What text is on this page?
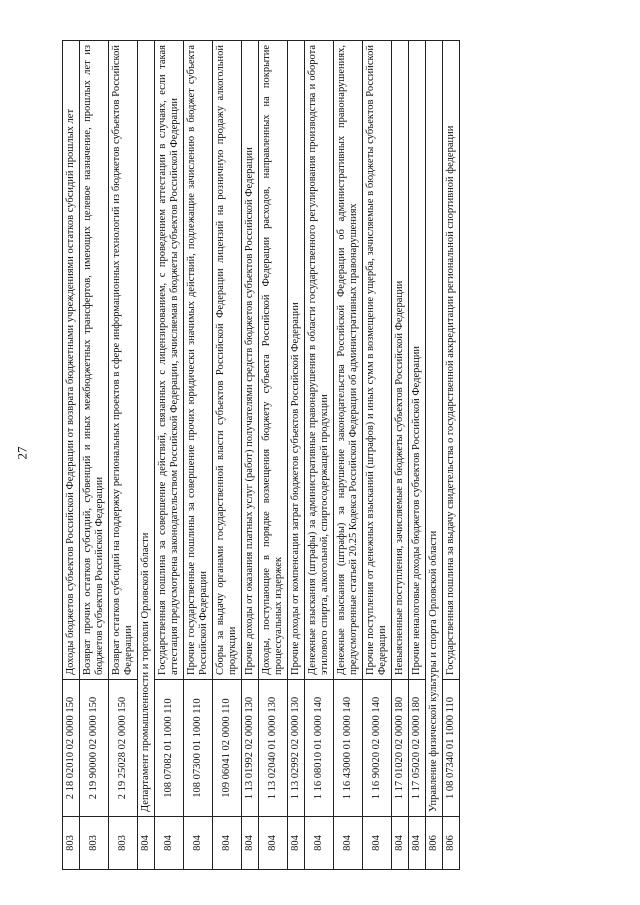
27
803	2 18 02010 02 0000 150	Доходы бюджетов субъектов Российской Федерации от возврата бюджетными учреждениями остатков субсидий прошлых лет
803	2 19 90000 02 0000 150	Возврат прочих остатков субсидий, субвенций и иных межбюджетных трансфертов, имеющих целевое назначение, прошлых лет из бюджетов субъектов Российской Федерации
803	2 19 25028 02 0000 150	Возврат остатков субсидий на поддержку региональных проектов в сфере информационных технологий из бюджетов субъектов Российской Федерации
804	Департамент промышленности и торговли Орловской области	
804	108 07082 01 1000 110	Государственная пошлина за совершение действий, связанных с лицензированием, с проведением аттестации в случаях, если такая аттестация предусмотрена законодательством Российской Федерации, зачисляемая в бюджеты субъектов Российской Федерации
804	108 07300 01 1000 110	Прочие государственные пошлины за совершение прочих юридически значимых действий, подлежащие зачислению в бюджет субъекта Российской Федерации
804	109 06041 02 0000 110	Сборы за выдачу органами государственной власти субъектов Российской Федерации лицензий на розничную продажу алкогольной продукции
804	1 13 01992 02 0000 130	Прочие доходы от оказания платных услуг (работ) получателями средств бюджетов субъектов Российской Федерации
804	1 13 02040 01 0000 130	Доходы, поступающие в порядке возмещения бюджету субъекта Российской Федерации расходов, направленных на покрытие процессуальных издержек
804	1 13 02992 02 0000 130	Прочие доходы от компенсации затрат бюджетов субъектов Российской Федерации
804	1 16 08010 01 0000 140	Денежные взыскания (штрафы) за административные правонарушения в области государственного регулирования производства и оборота этилового спирта, алкогольной, спиртосодержащей продукции
804	1 16 43000 01 0000 140	Денежные взыскания (штрафы) за нарушение законодательства Российской Федерации об административных правонарушениях, предусмотренные статьей 20.25 Кодекса Российской Федерации об административных правонарушениях
804	1 16 90020 02 0000 140	Прочие поступления от денежных взысканий (штрафов) и иных сумм в возмещение ущерба, зачисляемые в бюджеты субъектов Российской Федерации
804	1 17 01020 02 0000 180	Невыясненные поступления, зачисляемые в бюджеты субъектов Российской Федерации
804	1 17 05020 02 0000 180	Прочие неналоговые доходы бюджетов субъектов Российской Федерации
806	Управление физической культуры и спорта Орловской области	
806	1 08 07340 01 1000 110	Государственная пошлина за выдачу свидетельства о государственной аккредитации региональной спортивной федерации
